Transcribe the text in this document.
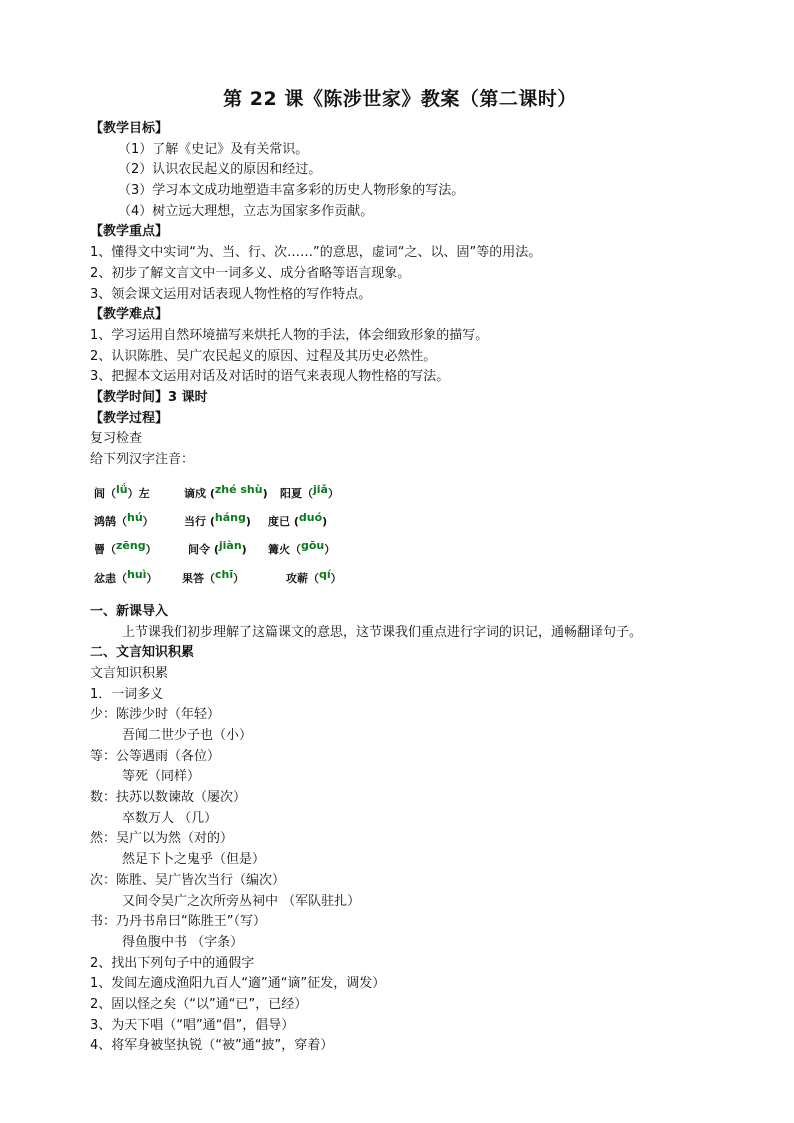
第 22 课《陈涉世家》教案（第二课时）
【教学目标】
（1）了解《史记》及有关常识。
（2）认识农民起义的原因和经过。
（3）学习本文成功地塑造丰富多彩的历史人物形象的写法。
（4）树立远大理想，立志为国家多作贡献。
【教学重点】
1、懂得文中实词“为、当、行、次……”的意思，虚词“之、以、固”等的用法。
2、初步了解文言文中一词多义、成分省略等语言现象。
3、领会课文运用对话表现人物性格的写作特点。
【教学难点】
1、学习运用自然环境描写来烘托人物的手法，体会细致形象的描写。
2、认识陈胜、吴广农民起义的原因、过程及其历史必然性。
3、把握本文运用对话及对话时的语气来表现人物性格的写法。
【教学时间】3 课时
【教学过程】
复习检查
给下列汉字注音：
闾（lǘ）左	谪戍 (zhé shù) 阳夏（jiǎ）
鸿鹄（hú）	当行 (háng) 度已 (duó)
罾（zēng）	间令 (jiàn) 篝火（gōu）
忿恚（huì） 果答（chī）	攻蕲（qí）
一、新课导入
上节课我们初步理解了这篇课文的意思，这节课我们重点进行字词的识记，通畅翻译句子。
二、文言知识积累
文言知识积累
1．一词多义
少：陈涉少时（年轻）
吾闻二世少子也（小）
等：公等遇雨（各位）
等死（同样）
数：扶苏以数谏故（屡次）
卒数万人 （几）
然：吴广以为然（对的）
然足下卜之鬼乎（但是）
次：陈胜、吴广皆次当行（编次）
又间令吴广之次所旁丛祠中 （军队驻扎）
书：乃丹书帛曰“陈胜王”（写）
得鱼腹中书 （字条）
2、找出下列句子中的通假字
1、发闾左適戍渔阳九百人“適”通“谪”征发，调发）
2、固以怪之矣（“以”通“已”，已经）
3、为天下唱（“唱”通“倡”，倡导）
4、将军身被坚执锐（“被”通“披”，穿着）
